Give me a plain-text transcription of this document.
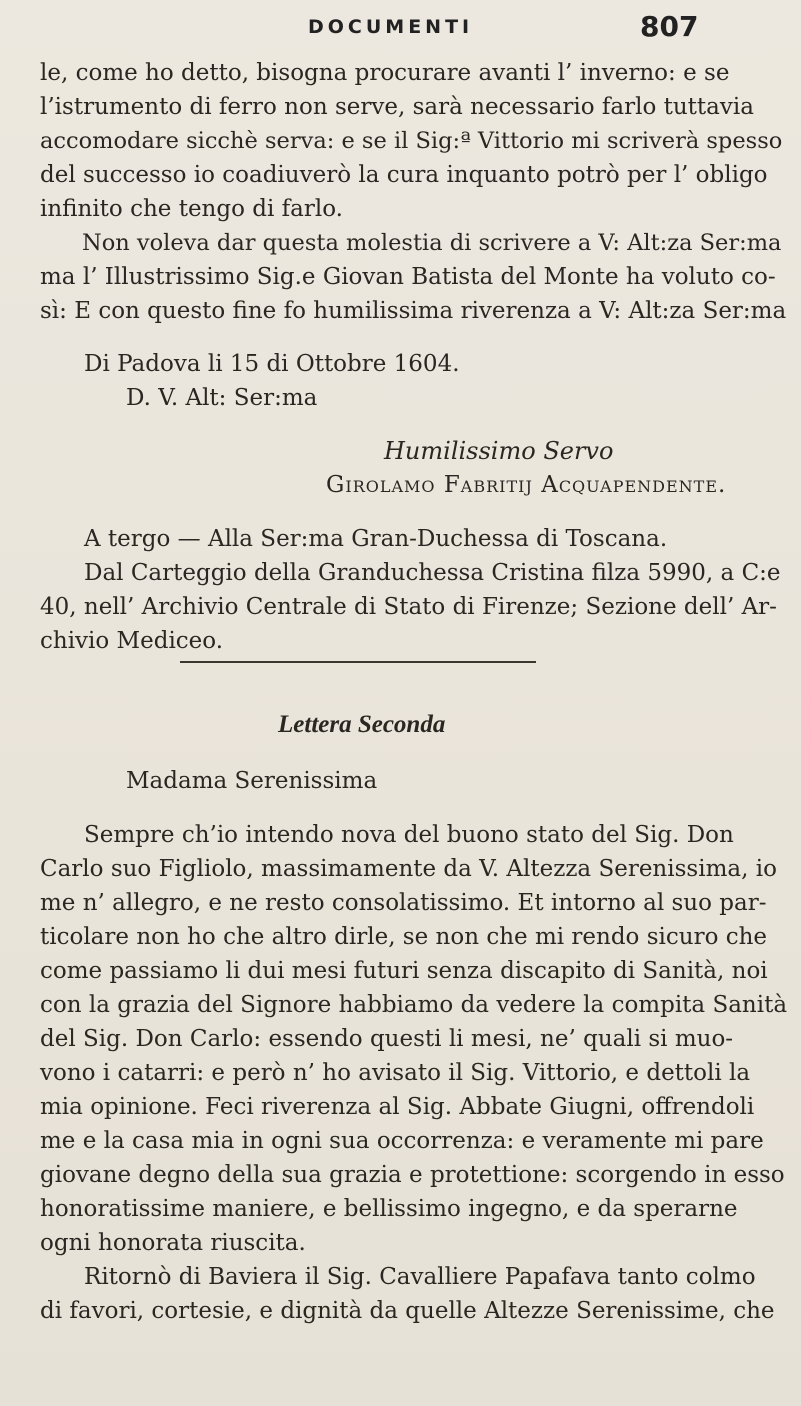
DOCUMENTI	807
le, come ho detto, bisogna procurare avanti l’ inverno: e se
l’istrumento di ferro non serve, sarà necessario farlo tuttavia
accomodare sicchè serva: e se il Sig:ª Vittorio mi scriverà spesso
del successo io coadiuverò la cura inquanto potrò per l’ obligo
infinito che tengo di farlo.
Non voleva dar questa molestia di scrivere a V: Alt:za Ser:ma
ma l’ Illustrissimo Sig.e Giovan Batista del Monte ha voluto co-
sì: E con questo fine fo humilissima riverenza a V: Alt:za Ser:ma
Di Padova li 15 di Ottobre 1604.
D. V. Alt: Ser:ma
Humilissimo Servo
Girolamo Fabritij Acquapendente.
A tergo — Alla Ser:ma Gran-Duchessa di Toscana.
Dal Carteggio della Granduchessa Cristina filza 5990, a C:e
40, nell’ Archivio Centrale di Stato di Firenze; Sezione dell’ Ar-
chivio Mediceo.
Lettera Seconda
Madama Serenissima
Sempre ch’io intendo nova del buono stato del Sig. Don
Carlo suo Figliolo, massimamente da V. Altezza Serenissima, io
me n’ allegro, e ne resto consolatissimo. Et intorno al suo par-
ticolare non ho che altro dirle, se non che mi rendo sicuro che
come passiamo li dui mesi futuri senza discapito di Sanità, noi
con la grazia del Signore habbiamo da vedere la compita Sanità
del Sig. Don Carlo: essendo questi li mesi, ne’ quali si muo-
vono i catarri: e però n’ ho avisato il Sig. Vittorio, e dettoli la
mia opinione. Feci riverenza al Sig. Abbate Giugni, offrendoli
me e la casa mia in ogni sua occorrenza: e veramente mi pare
giovane degno della sua grazia e protettione: scorgendo in esso
honoratissime maniere, e bellissimo ingegno, e da sperarne
ogni honorata riuscita.
Ritornò di Baviera il Sig. Cavalliere Papafava tanto colmo
di favori, cortesie, e dignità da quelle Altezze Serenissime, che
